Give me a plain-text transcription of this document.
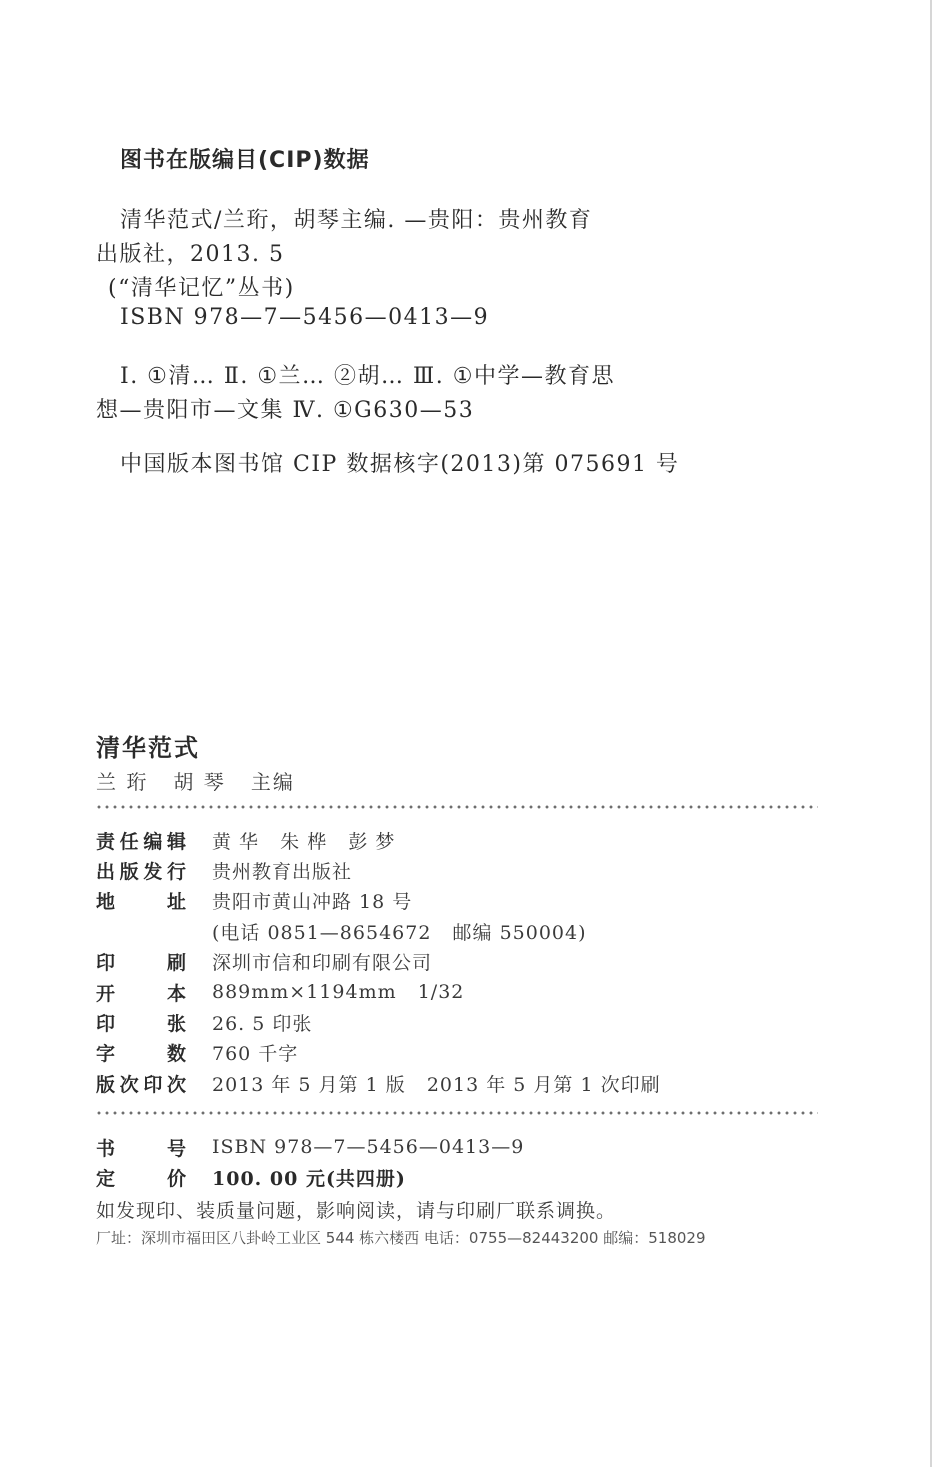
图书在版编目(CIP)数据
清华范式/兰珩，胡琴主编. —贵阳：贵州教育
出版社，2013. 5
(“清华记忆”丛书)
ISBN 978—7—5456—0413—9
Ⅰ. ①清… Ⅱ. ①兰… ②胡… Ⅲ. ①中学—教育思
想—贵阳市—文集 Ⅳ. ①G630—53
中国版本图书馆 CIP 数据核字(2013)第 075691 号
清华范式
兰 珩   胡 琴   主编
责 任 编 辑 黄 华   朱 桦   彭 梦
出 版 发 行 贵州教育出版社
地	址 贵阳市黄山冲路 18 号
(电话 0851—8654672   邮编 550004)
印	刷 深圳市信和印刷有限公司
开	本 889mm×1194mm   1/32
印	张 26. 5 印张
字	数 760 千字
版 次 印 次 2013 年 5 月第 1 版   2013 年 5 月第 1 次印刷
书	号 ISBN 978—7—5456—0413—9
定	价 100. 00 元(共四册)
如发现印、装质量问题，影响阅读，请与印刷厂联系调换。
厂址：深圳市福田区八卦岭工业区 544 栋六楼西 电话：0755—82443200 邮编：518029
